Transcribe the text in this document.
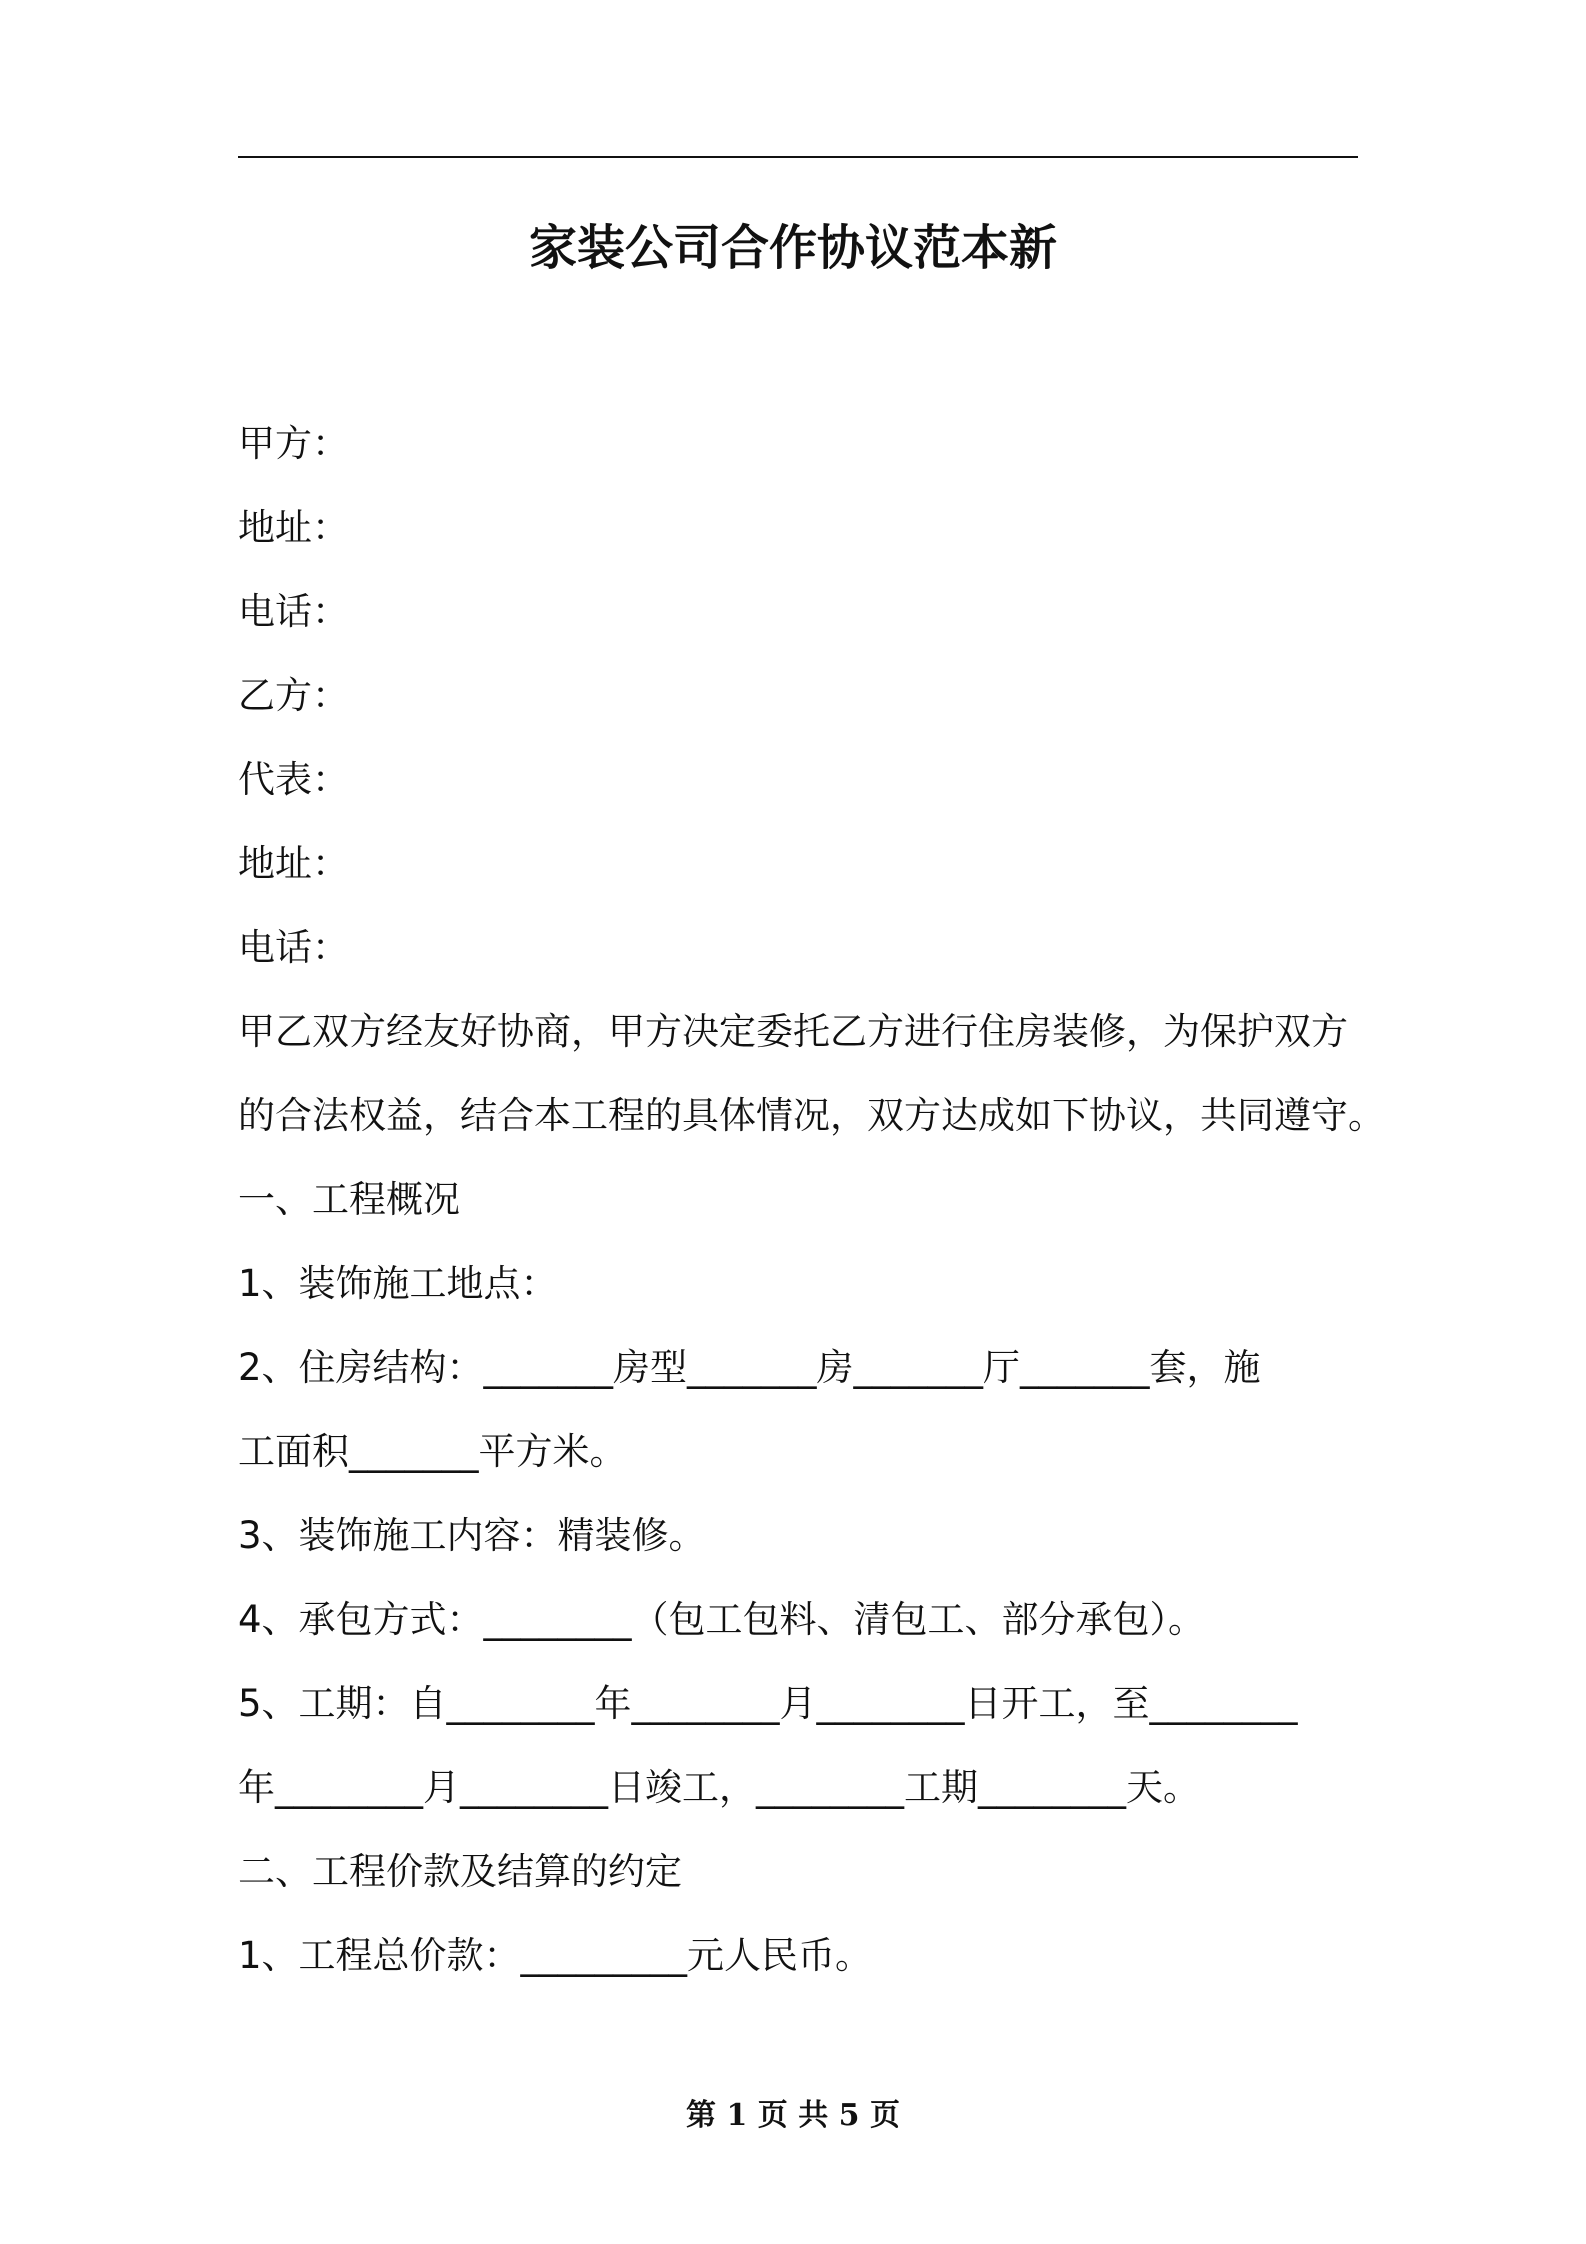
家装公司合作协议范本新
甲方：
地址：
电话：
乙方：
代表：
地址：
电话：
甲乙双方经友好协商，甲方决定委托乙方进行住房装修，为保护双方
的合法权益，结合本工程的具体情况，双方达成如下协议，共同遵守。
一、工程概况
1、装饰施工地点：
2、住房结构：_______房型_______房_______厅_______套，施
工面积_______平方米。
3、装饰施工内容：精装修。
4、承包方式：________（包工包料、清包工、部分承包）。
5、工期：自________年________月________日开工，至________
年________月________日竣工，________工期________天。
二、工程价款及结算的约定
1、工程总价款：_________元人民币。
第 1 页 共 5 页
